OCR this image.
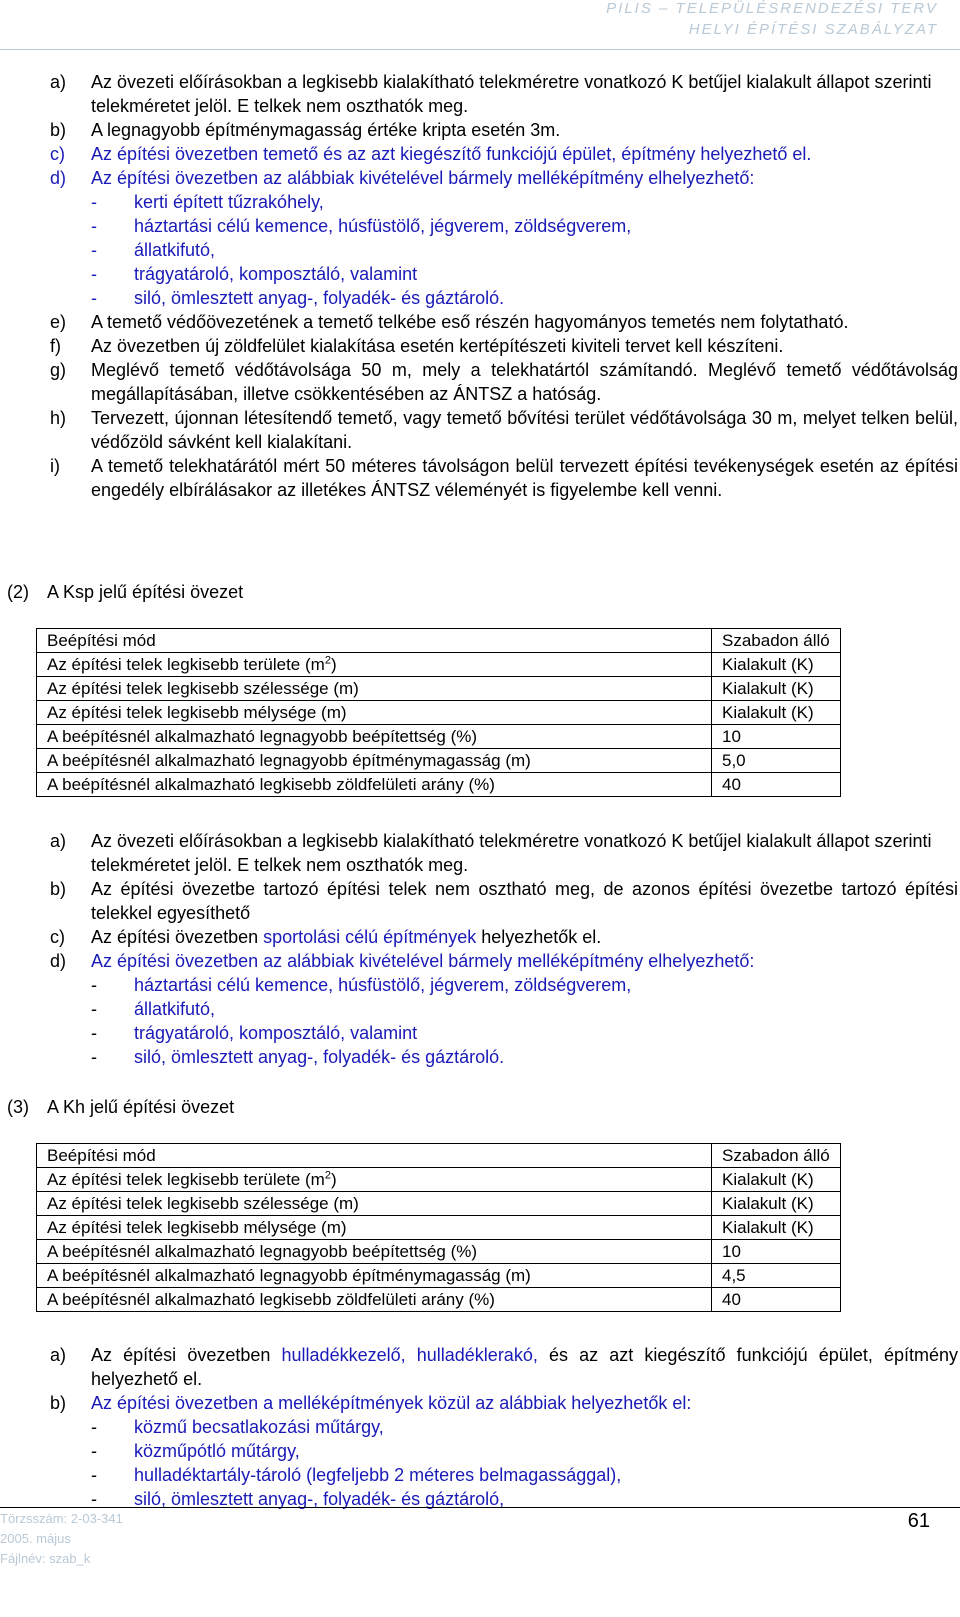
PILIS – TELEPÜLÉSRENDEZÉSI TERV
HELYI ÉPÍTÉSI SZABÁLYZAT
a) Az övezeti előírásokban a legkisebb kialakítható telekméretre vonatkozó K betűjel kialakult állapot szerinti telekméretet jelöl. E telkek nem oszthatók meg.
b) A legnagyobb építménymagasság értéke kripta esetén 3m.
c) Az építési övezetben temető és az azt kiegészítő funkciójú épület, építmény helyezhető el.
d) Az építési övezetben az alábbiak kivételével bármely melléképítmény elhelyezhető:
- kerti épített tűzrakóhely,
- háztartási célú kemence, húsfüstölő, jégverem, zöldségverem,
- állatkifutó,
- trágyatároló, komposztáló, valamint
- siló, ömlesztett anyag-, folyadék- és gáztároló.
e) A temető védőövezetének a temető telkébe eső részén hagyományos temetés nem folytatható.
f) Az övezetben új zöldfelület kialakítása esetén kertépítészeti kiviteli tervet kell készíteni.
g) Meglévő temető védőtávolsága 50 m, mely a telekhatártól számítandó. Meglévő temető védőtávolság megállapításában, illetve csökkentésében az ÁNTSZ a hatóság.
h) Tervezett, újonnan létesítendő temető, vagy temető bővítési terület védőtávolsága 30 m, melyet telken belül, védőzöld sávként kell kialakítani.
i) A temető telekhatárától mért 50 méteres távolságon belül tervezett építési tevékenységek esetén az építési engedély elbírálásakor az illetékes ÁNTSZ véleményét is figyelembe kell venni.
(2) A Ksp jelű építési övezet
Beépítési mód	Szabadon álló
Az építési telek legkisebb területe $(m^2)$	Kialakult (K)
Az építési telek legkisebb szélessége (m)	Kialakult (K)
Az építési telek legkisebb mélysége (m)	Kialakult (K)
A beépítésnél alkalmazható legnagyobb beépítettség (%)	10
A beépítésnél alkalmazható legnagyobb építménymagasság (m)	5,0
A beépítésnél alkalmazható legkisebb zöldfelületi arány (%)	40
a) Az övezeti előírásokban a legkisebb kialakítható telekméretre vonatkozó K betűjel kialakult állapot szerinti telekméretet jelöl. E telkek nem oszthatók meg.
b) Az építési övezetbe tartozó építési telek nem osztható meg, de azonos építési övezetbe tartozó építési telekkel egyesíthető
c) Az építési övezetben sportolási célú építmények helyezhetők el.
d) Az építési övezetben az alábbiak kivételével bármely melléképítmény elhelyezhető:
- háztartási célú kemence, húsfüstölő, jégverem, zöldségverem,
- állatkifutó,
- trágyatároló, komposztáló, valamint
- siló, ömlesztett anyag-, folyadék- és gáztároló.
(3) A Kh jelű építési övezet
Beépítési mód	Szabadon álló
Az építési telek legkisebb területe $(m^2)$	Kialakult (K)
Az építési telek legkisebb szélessége (m)	Kialakult (K)
Az építési telek legkisebb mélysége (m)	Kialakult (K)
A beépítésnél alkalmazható legnagyobb beépítettség (%)	10
A beépítésnél alkalmazható legnagyobb építménymagasság (m)	4,5
A beépítésnél alkalmazható legkisebb zöldfelületi arány (%)	40
a) Az építési övezetben hulladékkezelő, hulladéklerakó, és az azt kiegészítő funkciójú épület, építmény helyezhető el.
b) Az építési övezetben a melléképítmények közül az alábbiak helyezhetők el:
- közmű becsatlakozási műtárgy,
- közműpótló műtárgy,
- hulladéktartály-tároló (legfeljebb 2 méteres belmagassággal),
- siló, ömlesztett anyag-, folyadék- és gáztároló,
Törzsszám: 2-03-341
2005. május
Fájlnév: szab_k
61
